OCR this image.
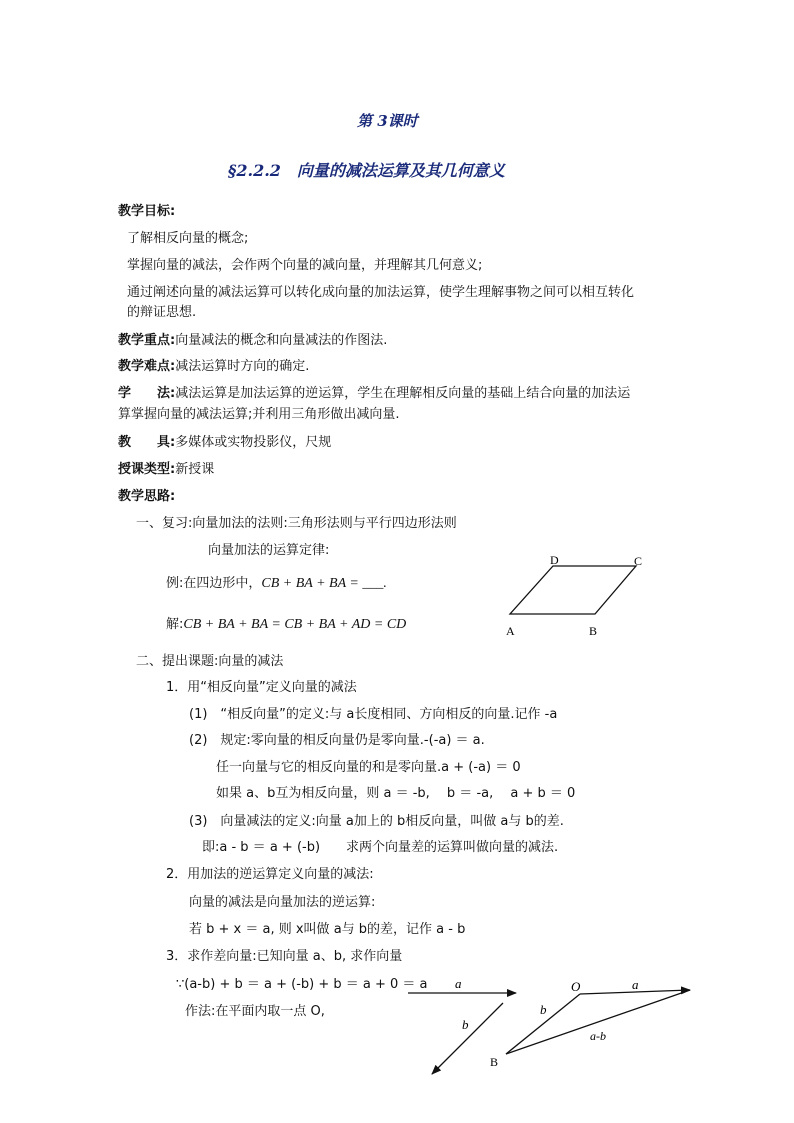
第 3课时
§2.2.2　向量的减法运算及其几何意义
教学目标:
了解相反向量的概念;
掌握向量的减法，会作两个向量的减向量，并理解其几何意义;
通过阐述向量的减法运算可以转化成向量的加法运算，使学生理解事物之间可以相互转化
的辩证思想.
教学重点:向量减法的概念和向量减法的作图法.
教学难点:减法运算时方向的确定.
学　　法:减法运算是加法运算的逆运算，学生在理解相反向量的基础上结合向量的加法运
算掌握向量的减法运算;并利用三角形做出减向量.
教　　具:多媒体或实物投影仪，尺规
授课类型:新授课
教学思路:
一、复习:向量加法的法则:三角形法则与平行四边形法则
向量加法的运算定律:
例:在四边形中，CB + BA + BA = ___.
解:CB + BA + BA = CB + BA + AD = CD
二、提出课题:向量的减法
1．用“相反向量”定义向量的减法
(1)　“相反向量”的定义:与 a长度相同、方向相反的向量.记作 -a
(2)　规定:零向量的相反向量仍是零向量.-(-a) ＝ a.
任一向量与它的相反向量的和是零向量.a + (-a) ＝ 0
如果 a、b互为相反向量，则 a ＝ -b,　 b ＝ -a,　 a + b ＝ 0
(3)　向量减法的定义:向量 a加上的 b相反向量，叫做 a与 b的差.
即:a - b ＝ a + (-b)　　求两个向量差的运算叫做向量的减法.
2．用加法的逆运算定义向量的减法:
向量的减法是向量加法的逆运算:
若 b + x ＝ a, 则 x叫做 a与 b的差，记作 a - b
3．求作差向量:已知向量 a、b, 求作向量
∵(a-b) + b ＝ a + (-b) + b ＝ a + 0 ＝ a
作法:在平面内取一点 O,
A	B
C
D
a
b
O	a
b
a-b
B
